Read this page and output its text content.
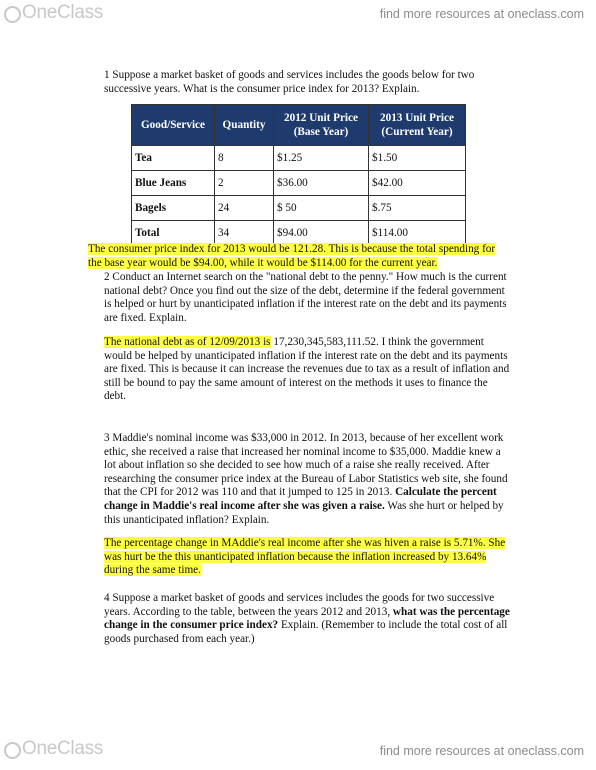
OneClass	find more resources at oneclass.com

1 Suppose a market basket of goods and services includes the goods below for two successive years. What is the consumer price index for 2013? Explain.

Good/Service	Quantity	2012 Unit Price (Base Year)	2013 Unit Price (Current Year)
Tea	8	$1.25	$1.50
Blue Jeans	2	$36.00	$42.00
Bagels	24	$ 50	$.75
Total	34	$94.00	$114.00

The consumer price index for 2013 would be 121.28. This is because the total spending for the base year would be $94.00, while it would be $114.00 for the current year.

2 Conduct an Internet search on the "national debt to the penny." How much is the current national debt? Once you find out the size of the debt, determine if the federal government is helped or hurt by unanticipated inflation if the interest rate on the debt and its payments are fixed. Explain.

The national debt as of 12/09/2013 is 17,230,345,583,111.52. I think the government would be helped by unanticipated inflation if the interest rate on the debt and its payments are fixed. This is because it can increase the revenues due to tax as a result of inflation and still be bound to pay the same amount of interest on the methods it uses to finance the debt.

3 Maddie's nominal income was $33,000 in 2012. In 2013, because of her excellent work ethic, she received a raise that increased her nominal income to $35,000. Maddie knew a lot about inflation so she decided to see how much of a raise she really received. After researching the consumer price index at the Bureau of Labor Statistics web site, she found that the CPI for 2012 was 110 and that it jumped to 125 in 2013. Calculate the percent change in Maddie's real income after she was given a raise. Was she hurt or helped by this unanticipated inflation? Explain.

The percentage change in MAddie's real income after she was hiven a raise is 5.71%. She was hurt be the this unanticipated inflation because the inflation increased by 13.64% during the same time.

4 Suppose a market basket of goods and services includes the goods for two successive years. According to the table, between the years 2012 and 2013, what was the percentage change in the consumer price index? Explain. (Remember to include the total cost of all goods purchased from each year.)

OneClass	find more resources at oneclass.com
